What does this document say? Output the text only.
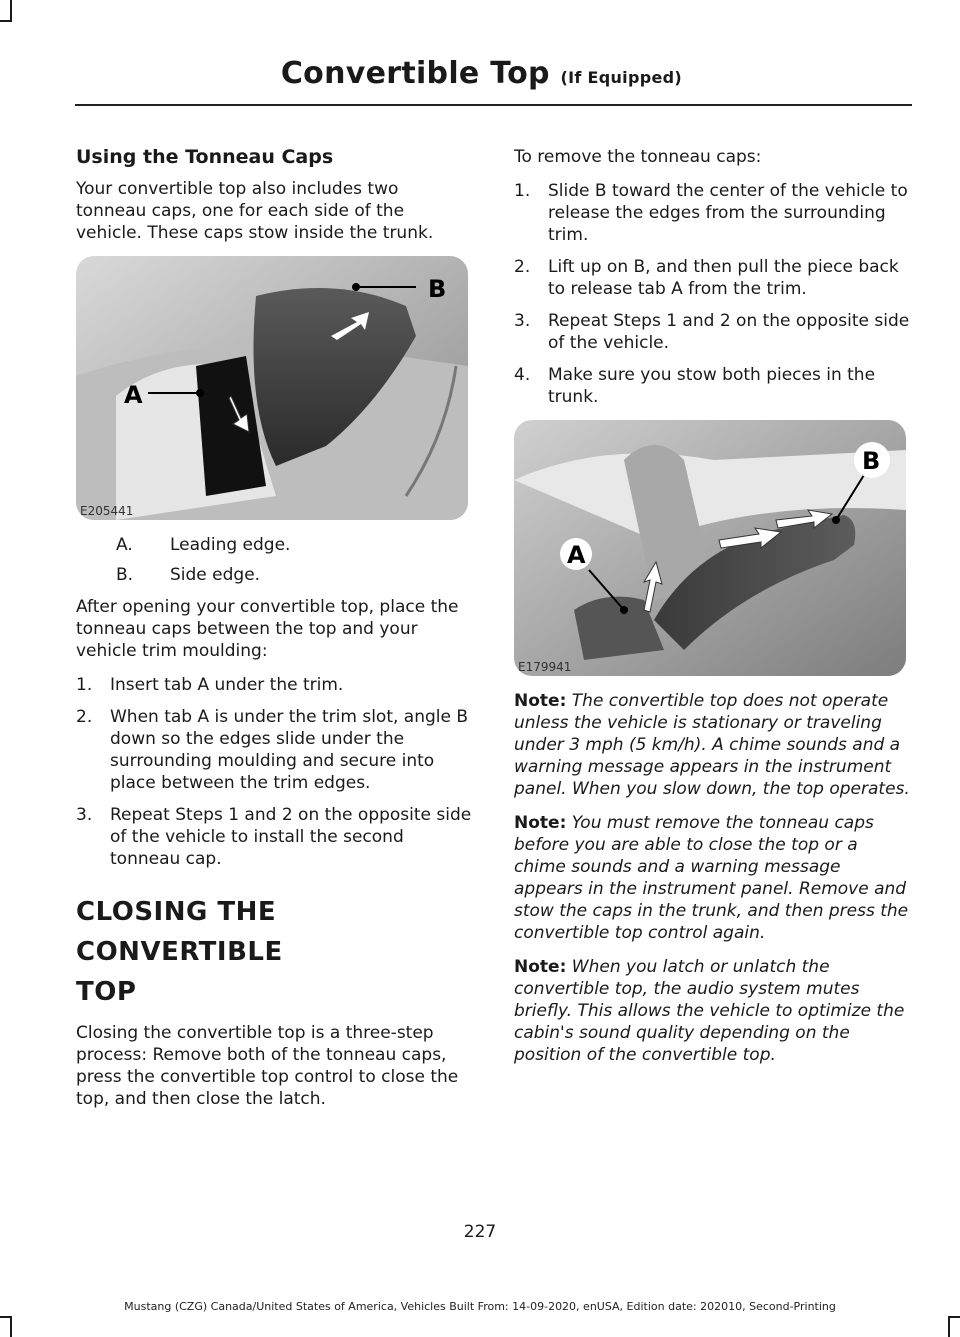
Convertible Top (If Equipped)
Using the Tonneau Caps

Your convertible top also includes two tonneau caps, one for each side of the vehicle. These caps stow inside the trunk.

B
A
E205441
A. Leading edge.
B. Side edge.

After opening your convertible top, place the tonneau caps between the top and your vehicle trim moulding:

1. Insert tab A under the trim.
2. When tab A is under the trim slot, angle B down so the edges slide under the surrounding moulding and secure into place between the trim edges.
3. Repeat Steps 1 and 2 on the opposite side of the vehicle to install the second tonneau cap.
CLOSING THE CONVERTIBLE
TOP

Closing the convertible top is a three-step process: Remove both of the tonneau caps, press the convertible top control to close the top, and then close the latch.

To remove the tonneau caps:

1. Slide B toward the center of the vehicle to release the edges from the surrounding trim.
2. Lift up on B, and then pull the piece back to release tab A from the trim.
3. Repeat Steps 1 and 2 on the opposite side of the vehicle.
4. Make sure you stow both pieces in the trunk.
B
A
E179941

Note: The convertible top does not operate unless the vehicle is stationary or traveling under 3 mph (5 km/h). A chime sounds and a warning message appears in the instrument panel. When you slow down, the top operates.

Note: You must remove the tonneau caps before you are able to close the top or a chime sounds and a warning message appears in the instrument panel. Remove and stow the caps in the trunk, and then press the convertible top control again.

Note: When you latch or unlatch the convertible top, the audio system mutes briefly. This allows the vehicle to optimize the cabin's sound quality depending on the position of the convertible top.

227
Mustang (CZG) Canada/United States of America, Vehicles Built From: 14-09-2020, enUSA, Edition date: 202010, Second-Printing
